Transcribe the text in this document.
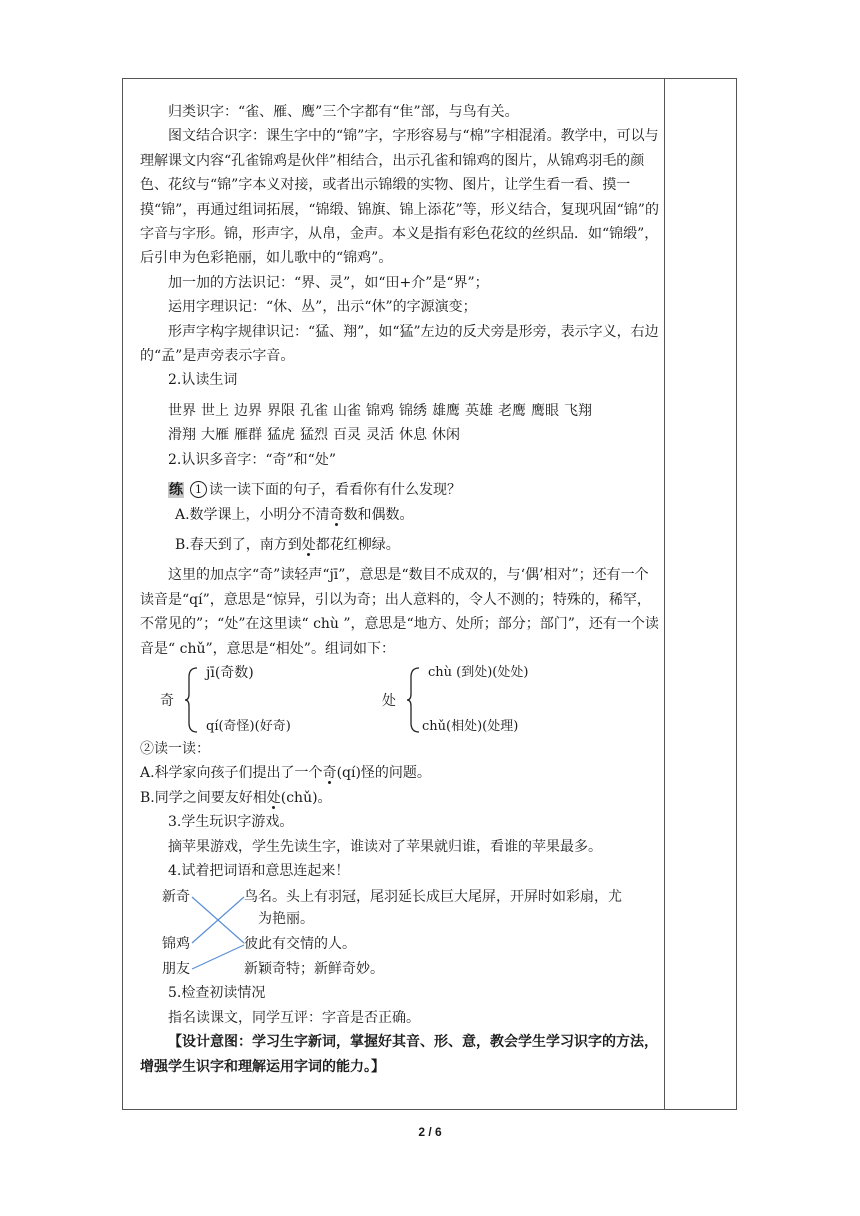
归类识字：“雀、雁、鹰”三个字都有“隹”部，与鸟有关。

图文结合识字：课生字中的“锦”字，字形容易与“棉”字相混淆。教学中，可以与理解课文内容“孔雀锦鸡是伙伴”相结合，出示孔雀和锦鸡的图片，从锦鸡羽毛的颜色、花纹与“锦”字本义对接，或者出示锦缎的实物、图片，让学生看一看、摸一摸“锦”，再通过组词拓展，“锦缎、锦旗、锦上添花”等，形义结合，复现巩固“锦”的字音与字形。锦，形声字，从帛，金声。本义是指有彩色花纹的丝织品．如“锦缎”，后引申为色彩艳丽，如儿歌中的“锦鸡”。

加一加的方法识记：“界、灵”，如“田+介”是“界”；

运用字理识记：“休、丛”，出示“休”的字源演变；

形声字构字规律识记：“猛、翔”，如“猛”左边的反犬旁是形旁，表示字义，右边的“孟”是声旁表示字音。

2.认读生词

世界 世上 边界 界限 孔雀 山雀 锦鸡 锦绣 雄鹰 英雄 老鹰 鹰眼 飞翔

滑翔 大雁 雁群 猛虎 猛烈 百灵 灵活 休息 休闲

2.认识多音字：“奇”和“处”

练 1 读一读下面的句子，看看你有什么发现？

A.数学课上，小明分不清奇数和偶数。

B.春天到了，南方到处都花红柳绿。

这里的加点字“奇”读轻声“jī”，意思是“数目不成双的，与‘偶’相对”；还有一个读音是“qí”，意思是“惊异，引以为奇；出人意料的，令人不测的；特殊的，稀罕，不常见的”；“处”在这里读“ chù ”，意思是“地方、处所；部分；部门”，还有一个读音是“ chǔ”，意思是“相处”。组词如下：

奇
jī(奇数)
qí(奇怪)(好奇)
处
chù (到处)(处处)
chǔ(相处)(处理)

②读一读：

A.科学家向孩子们提出了一个奇(qí)怪的问题。

B.同学之间要友好相处(chǔ)。

3.学生玩识字游戏。

摘苹果游戏，学生先读生字，谁读对了苹果就归谁，看谁的苹果最多。

4.试着把词语和意思连起来！

新奇
锦鸡
朋友
鸟名。头上有羽冠，尾羽延长成巨大尾屏，开屏时如彩扇，尤
为艳丽。
彼此有交情的人。
新颖奇特；新鲜奇妙。

5.检查初读情况

指名读课文，同学互评：字音是否正确。

【设计意图：学习生字新词，掌握好其音、形、意，教会学生学习识字的方法，增强学生识字和理解运用字词的能力。】

2 / 6
